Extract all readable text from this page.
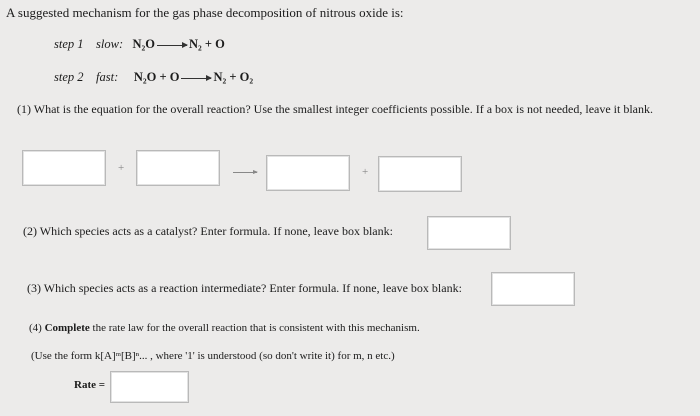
A suggested mechanism for the gas phase decomposition of nitrous oxide is:
step 1 slow: N₂O	N₂ + O
step 2 fast: N₂O + O	N₂ + O₂
(1) What is the equation for the overall reaction? Use the smallest integer coefficients possible. If a box is not needed, leave it blank.
+	+
(2) Which species acts as a catalyst? Enter formula. If none, leave box blank:
(3) Which species acts as a reaction intermediate? Enter formula. If none, leave box blank:
(4) Complete the rate law for the overall reaction that is consistent with this mechanism.
(Use the form k[A]ᵐ[B]ⁿ... , where '1' is understood (so don't write it) for m, n etc.)
Rate =
